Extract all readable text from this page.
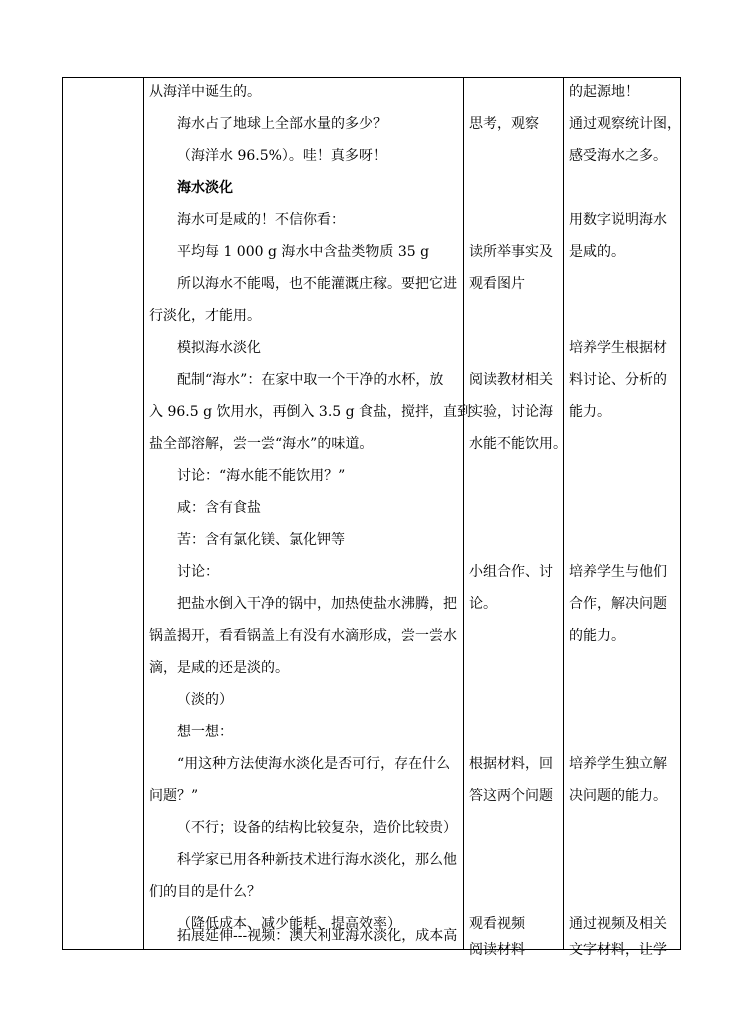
从海洋中诞生的。
海水占了地球上全部水量的多少？
（海洋水 96.5%）。哇！真多呀！
海水淡化
海水可是咸的！不信你看：
平均每 1 000 g 海水中含盐类物质 35 g
所以海水不能喝，也不能灌溉庄稼。要把它进
行淡化，才能用。
模拟海水淡化
配制“海水”：在家中取一个干净的水杯，放
入 96.5 g 饮用水，再倒入 3.5 g 食盐，搅拌，直到
盐全部溶解，尝一尝“海水”的味道。
讨论：“海水能不能饮用？”
咸：含有食盐
苦：含有氯化镁、氯化钾等
讨论：
把盐水倒入干净的锅中，加热使盐水沸腾，把
锅盖揭开，看看锅盖上有没有水滴形成，尝一尝水
滴，是咸的还是淡的。
（淡的）
想一想：
“用这种方法使海水淡化是否可行，存在什么
问题？”
（不行；设备的结构比较复杂，造价比较贵）
科学家已用各种新技术进行海水淡化，那么他
们的目的是什么？
（降低成本、减少能耗、提高效率）
拓展延伸---视频：澳大利亚海水淡化，成本高
思考，观察
读所举事实及
观看图片
阅读教材相关
实验，讨论海
水能不能饮用。
小组合作、讨
论。
根据材料，回
答这两个问题
观看视频
阅读材料
的起源地！
通过观察统计图，
感受海水之多。
用数字说明海水
是咸的。
培养学生根据材
料讨论、分析的
能力。
培养学生与他们
合作，解决问题
的能力。
培养学生独立解
决问题的能力。
通过视频及相关
文字材料，让学
